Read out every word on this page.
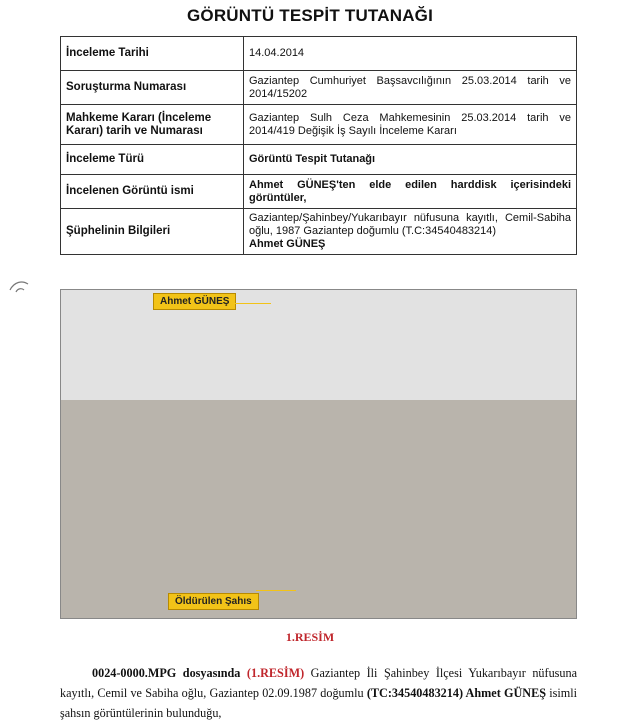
GÖRÜNTÜ TESPİT TUTANAĞI
İnceleme Tarihi	14.04.2014
Soruşturma Numarası	Gaziantep Cumhuriyet Başsavcılığının 25.03.2014 tarih ve 2014/15202
Mahkeme Kararı (İnceleme Kararı) tarih ve Numarası	Gaziantep Sulh Ceza Mahkemesinin 25.03.2014 tarih ve 2014/419 Değişik İş Sayılı İnceleme Kararı
İnceleme Türü	Görüntü Tespit Tutanağı
İncelenen Görüntü ismi	Ahmet GÜNEŞ'ten elde edilen harddisk içerisindeki görüntüler,
Şüphelinin Bilgileri	Gaziantep/Şahinbey/Yukarıbayır nüfusuna kayıtlı, Cemil-Sabiha oğlu, 1987 Gaziantep doğumlu (T.C:34540483214)
Ahmet GÜNEŞ
Ahmet GÜNEŞ
Öldürülen Şahıs
1.RESİM

0024-0000.MPG dosyasında (1.RESİM) Gaziantep İli Şahinbey İlçesi Yukarıbayır nüfusuna kayıtlı, Cemil ve Sabiha oğlu, Gaziantep 02.09.1987 doğumlu (TC:34540483214) Ahmet GÜNEŞ isimli şahsın görüntülerinin bulunduğu,
